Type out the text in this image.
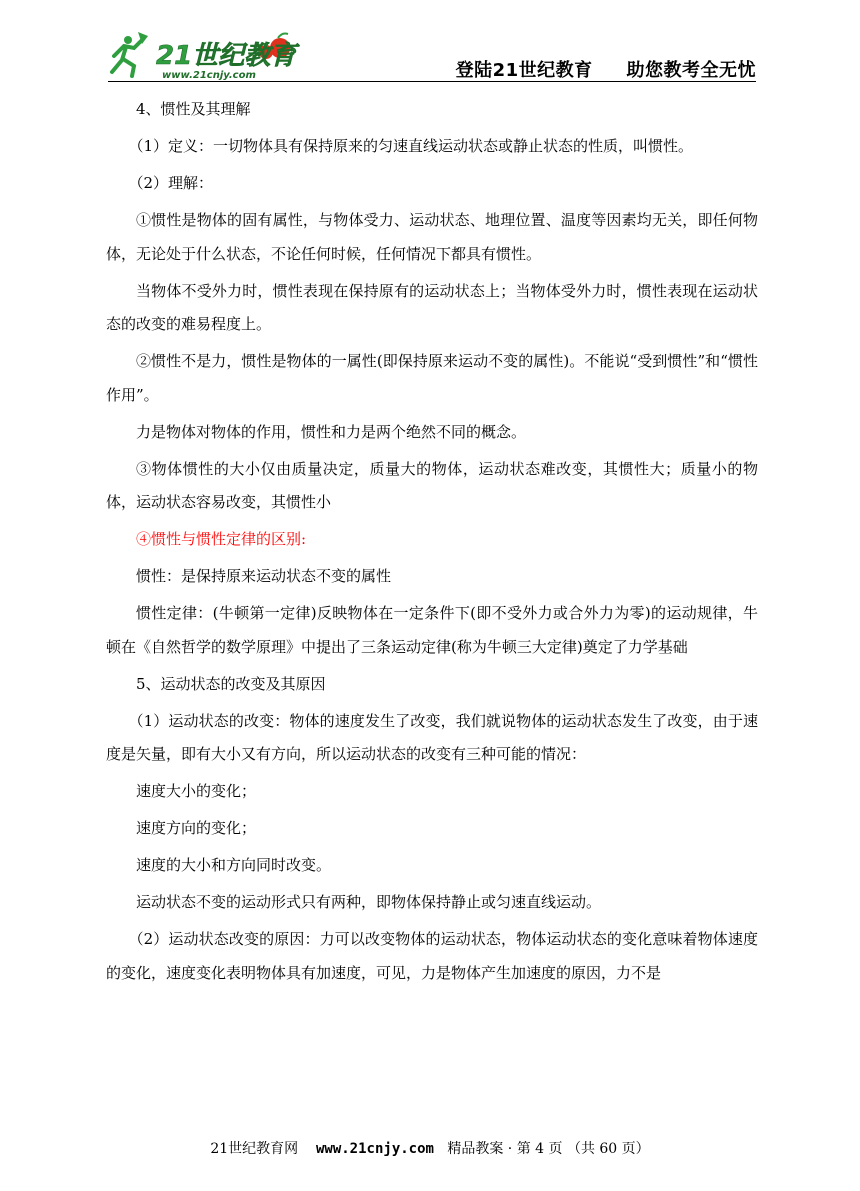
21世纪教育
www.21cnjy.com	登陆21世纪教育 助您教考全无忧

4、惯性及其理解

（1）定义：一切物体具有保持原来的匀速直线运动状态或静止状态的性质，叫惯性。

（2）理解：

①惯性是物体的固有属性，与物体受力、运动状态、地理位置、温度等因素均无关，即任何物体，无论处于什么状态，不论任何时候，任何情况下都具有惯性。

当物体不受外力时，惯性表现在保持原有的运动状态上；当物体受外力时，惯性表现在运动状态的改变的难易程度上。

②惯性不是力，惯性是物体的一属性(即保持原来运动不变的属性)。不能说“受到惯性”和“惯性作用”。

力是物体对物体的作用，惯性和力是两个绝然不同的概念。

③物体惯性的大小仅由质量决定，质量大的物体，运动状态难改变，其惯性大；质量小的物体，运动状态容易改变，其惯性小

④惯性与惯性定律的区别:

惯性：是保持原来运动状态不变的属性

惯性定律：(牛顿第一定律)反映物体在一定条件下(即不受外力或合外力为零)的运动规律，牛顿在《自然哲学的数学原理》中提出了三条运动定律(称为牛顿三大定律)奠定了力学基础

5、运动状态的改变及其原因

（1）运动状态的改变：物体的速度发生了改变，我们就说物体的运动状态发生了改变，由于速度是矢量，即有大小又有方向，所以运动状态的改变有三种可能的情况：

速度大小的变化；

速度方向的变化；

速度的大小和方向同时改变。

运动状态不变的运动形式只有两种，即物体保持静止或匀速直线运动。

（2）运动状态改变的原因：力可以改变物体的运动状态，物体运动状态的变化意味着物体速度的变化，速度变化表明物体具有加速度，可见，力是物体产生加速度的原因，力不是

21世纪教育网 www.21cnjy.com 精品教案 · 第 4 页 （共 60 页）
